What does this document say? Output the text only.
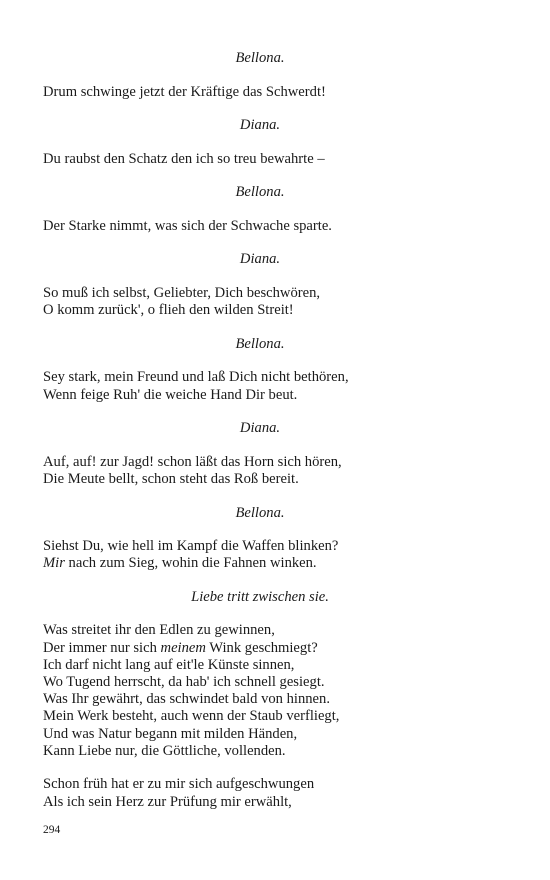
Bellona.

Drum schwinge jetzt der Kräftige das Schwerdt!

Diana.

Du raubst den Schatz den ich so treu bewahrte –

Bellona.

Der Starke nimmt, was sich der Schwache sparte.

Diana.

So muß ich selbst, Geliebter, Dich beschwören,

O komm zurück', o flieh den wilden Streit!

Bellona.

Sey stark, mein Freund und laß Dich nicht bethören,

Wenn feige Ruh' die weiche Hand Dir beut.

Diana.

Auf, auf! zur Jagd! schon läßt das Horn sich hören,

Die Meute bellt, schon steht das Roß bereit.

Bellona.

Siehst Du, wie hell im Kampf die Waffen blinken?

Mir nach zum Sieg, wohin die Fahnen winken.

Liebe tritt zwischen sie.

Was streitet ihr den Edlen zu gewinnen,

Der immer nur sich meinem Wink geschmiegt?

Ich darf nicht lang auf eit'le Künste sinnen,

Wo Tugend herrscht, da hab' ich schnell gesiegt.

Was Ihr gewährt, das schwindet bald von hinnen.

Mein Werk besteht, auch wenn der Staub verfliegt,

Und was Natur begann mit milden Händen,

Kann Liebe nur, die Göttliche, vollenden.

Schon früh hat er zu mir sich aufgeschwungen

Als ich sein Herz zur Prüfung mir erwählt,

294
